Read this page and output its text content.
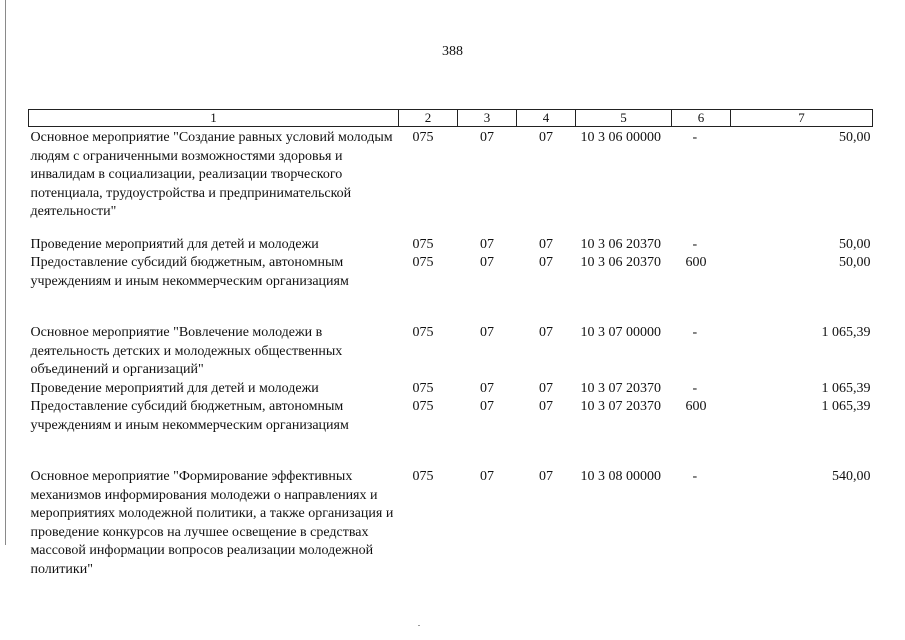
388
1	2	3	4	5	6	7
Основное мероприятие "Создание равных условий молодым людям с ограниченными возможностями здоровья и инвалидам в социализации, реализации творческого потенциала, трудоустройства и предпринимательской деятельности"	075	07	07	10 3 06 00000	-	50,00
Проведение мероприятий для детей и молодежи	075	07	07	10 3 06 20370	-	50,00
Предоставление субсидий бюджетным, автономным учреждениям и иным некоммерческим организациям	075	07	07	10 3 06 20370	600	50,00
Основное мероприятие "Вовлечение молодежи в деятельность детских и молодежных общественных объединений и организаций"	075	07	07	10 3 07 00000	-	1 065,39
Проведение мероприятий для детей и молодежи	075	07	07	10 3 07 20370	-	1 065,39
Предоставление субсидий бюджетным, автономным учреждениям и иным некоммерческим организациям	075	07	07	10 3 07 20370	600	1 065,39
Основное мероприятие "Формирование эффективных механизмов информирования молодежи о направлениях и мероприятиях молодежной политики, а также организация и проведение конкурсов на лучшее освещение в средствах массовой информации вопросов реализации молодежной политики"	075	07	07	10 3 08 00000	-	540,00
